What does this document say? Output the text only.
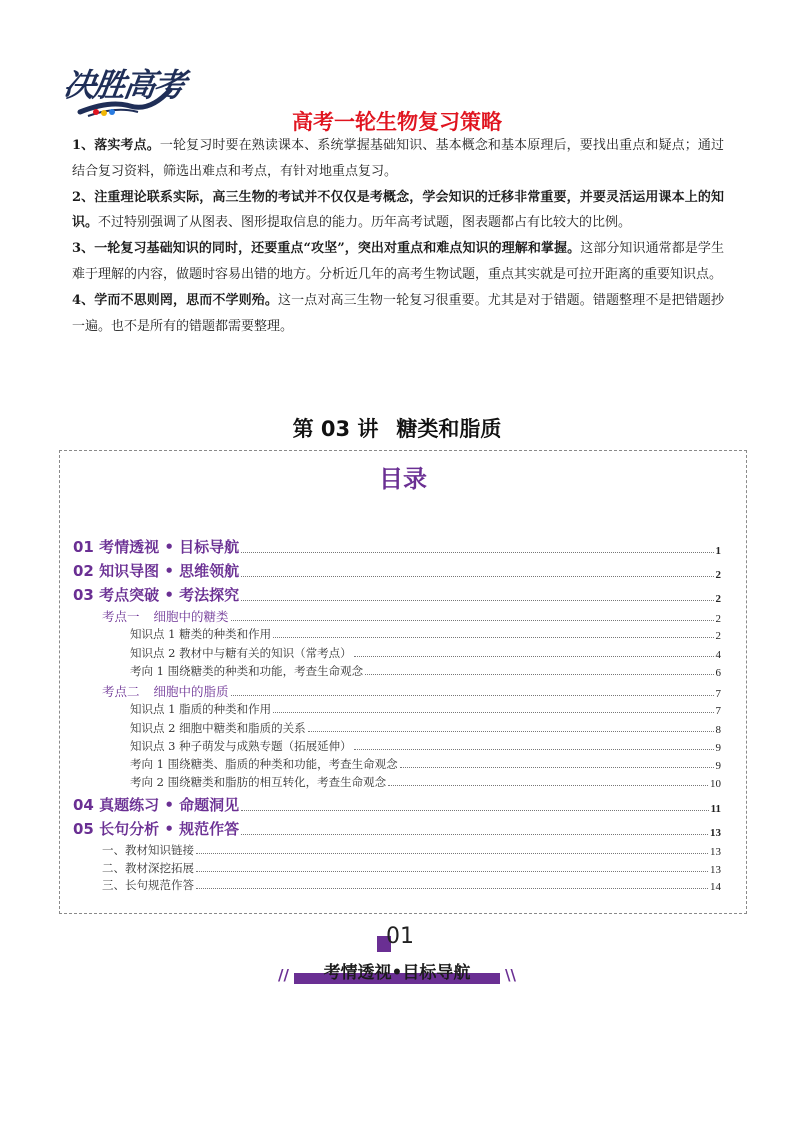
决胜高考
高考一轮生物复习策略

1、落实考点。一轮复习时要在熟读课本、系统掌握基础知识、基本概念和基本原理后，要找出重点和疑点；通过结合复习资料，筛选出难点和考点，有针对地重点复习。

2、注重理论联系实际，高三生物的考试并不仅仅是考概念，学会知识的迁移非常重要，并要灵活运用课本上的知识。不过特别强调了从图表、图形提取信息的能力。历年高考试题，图表题都占有比较大的比例。

3、一轮复习基础知识的同时，还要重点“攻坚”，突出对重点和难点知识的理解和掌握。这部分知识通常都是学生难于理解的内容，做题时容易出错的地方。分析近几年的高考生物试题，重点其实就是可拉开距离的重要知识点。

4、学而不思则罔，思而不学则殆。这一点对高三生物一轮复习很重要。尤其是对于错题。错题整理不是把错题抄一遍。也不是所有的错题都需要整理。

第 03 讲 糖类和脂质
目录
01 考情透视 • 目标导航	1
02 知识导图 • 思维领航	2
03 考点突破 • 考法探究	2
考点一 细胞中的糖类	2
知识点 1 糖类的种类和作用	2
知识点 2 教材中与糖有关的知识（常考点）	4
考向 1 围绕糖类的种类和功能，考查生命观念	6
考点二 细胞中的脂质	7
知识点 1 脂质的种类和作用	7
知识点 2 细胞中糖类和脂质的关系	8
知识点 3 种子萌发与成熟专题（拓展延伸）	9
考向 1 围绕糖类、脂质的种类和功能，考查生命观念	9
考向 2 围绕糖类和脂肪的相互转化，考查生命观念	10
04 真题练习 • 命题洞见	11
05 长句分析 • 规范作答	13
一、教材知识链接	13
二、教材深挖拓展	13
三、长句规范作答	14
01
//	考情透视•目标导航	\\
